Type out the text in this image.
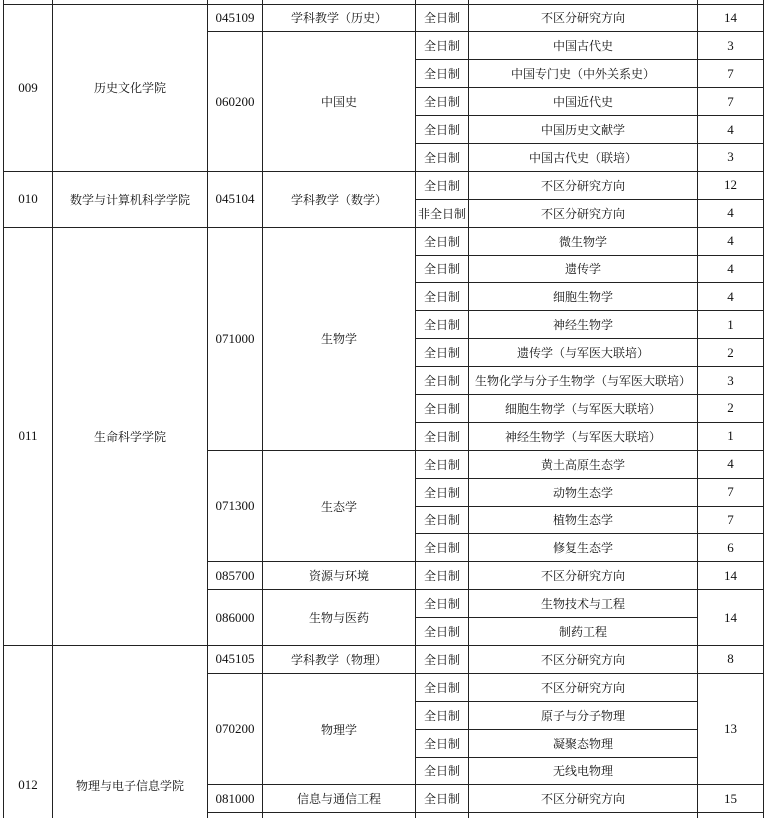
009	历史文化学院	045109	学科教学（历史）	全日制	不区分研究方向	14
		060200	中国史	全日制	中国古代史	3
				全日制	中国专门史（中外关系史）	7
				全日制	中国近代史	7
				全日制	中国历史文献学	4
				全日制	中国古代史（联培）	3
010	数学与计算机科学学院	045104	学科教学（数学）	全日制	不区分研究方向	12
				非全日制	不区分研究方向	4
011	生命科学学院	071000	生物学	全日制	微生物学	4
				全日制	遗传学	4
				全日制	细胞生物学	4
				全日制	神经生物学	1
				全日制	遗传学（与军医大联培）	2
				全日制	生物化学与分子生物学（与军医大联培）	3
				全日制	细胞生物学（与军医大联培）	2
				全日制	神经生物学（与军医大联培）	1
		071300	生态学	全日制	黄土高原生态学	4
				全日制	动物生态学	7
				全日制	植物生态学	7
				全日制	修复生态学	6
		085700	资源与环境	全日制	不区分研究方向	14
		086000	生物与医药	全日制	生物技术与工程	14
				全日制	制药工程	
012	物理与电子信息学院	045105	学科教学（物理）	全日制	不区分研究方向	8
		070200	物理学	全日制	不区分研究方向	13
				全日制	原子与分子物理	
				全日制	凝聚态物理	
				全日制	无线电物理	
		081000	信息与通信工程	全日制	不区分研究方向	15
